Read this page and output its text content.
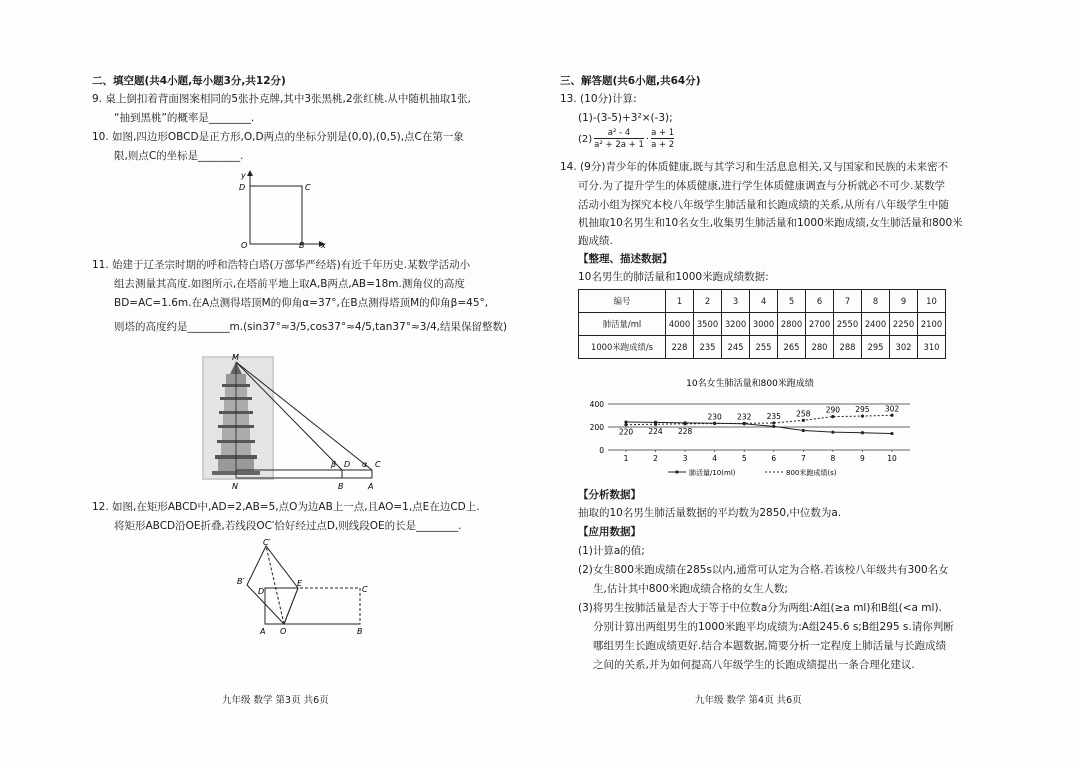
二、填空题(共4小题,每小题3分,共12分)
9. 桌上倒扣着背面图案相同的5张扑克牌,其中3张黑桃,2张红桃.从中随机抽取1张,
“抽到黑桃”的概率是________.
10. 如图,四边形OBCD是正方形,O,D两点的坐标分别是(0,0),(0,5),点C在第一象
限,则点C的坐标是________.
y
D	C
O	B x
11. 始建于辽圣宗时期的呼和浩特白塔(万部华严经塔)有近千年历史.某数学活动小
组去测量其高度.如图所示,在塔前平地上取A,B两点,AB=18m.测角仪的高度
BD=AC=1.6m.在A点测得塔顶M的仰角α=37°,在B点测得塔顶M的仰角β=45°,
则塔的高度约是________m.(sin37°≈3/5,cos37°≈4/5,tan37°≈3/4,结果保留整数)
M
N	B	A
β D α C
12. 如图,在矩形ABCD中,AD=2,AB=5,点O为边AB上一点,且AO=1,点E在边CD上.
将矩形ABCD沿OE折叠,若线段OC′恰好经过点D,则线段OE的长是________.
C′
B′
D
E
C
A O	B
九年级 数学 第3页 共6页
三、解答题(共6小题,共64分)
13. (10分)计算:
(1)-(3-5)+3²×(-3);
$(2) \frac{\text{a² - 4}}{\text{a² + 2a + 1}} \cdot \frac{a + 1}{a + 2}$
14. (9分)青少年的体质健康,既与其学习和生活息息相关,又与国家和民族的未来密不
可分.为了提升学生的体质健康,进行学生体质健康调查与分析就必不可少.某数学
活动小组为探究本校八年级学生肺活量和长跑成绩的关系,从所有八年级学生中随
机抽取10名男生和10名女生,收集男生肺活量和1000米跑成绩,女生肺活量和800米
跑成绩.
【整理、描述数据】
10名男生的肺活量和1000米跑成绩数据:
编号	1	2	3	4	5	6	7	8	9	10
肺活量/ml	4000	3500	3200	3000	2800	2700	2550	2400	2250	2100
1000米跑成绩/s	228	235	245	255	265	280	288	295	302	310
10名女生肺活量和800米跑成绩
0
200
400
1	2	3	4	5	6	7	8	9	10
220 224 228
230 232 235 258 290 295 302
肺活量/10(ml)	800米跑成绩(s)
【分析数据】
抽取的10名男生肺活量数据的平均数为2850,中位数为a.
【应用数据】
(1)计算a的值;
(2)女生800米跑成绩在285s以内,通常可认定为合格.若该校八年级共有300名女
生,估计其中800米跑成绩合格的女生人数;
(3)将男生按肺活量是否大于等于中位数a分为两组:A组(≥a ml)和B组(<a ml).
分别计算出两组男生的1000米跑平均成绩为:A组245.6 s;B组295 s.请你判断
哪组男生长跑成绩更好.结合本题数据,简要分析一定程度上肺活量与长跑成绩
之间的关系,并为如何提高八年级学生的长跑成绩提出一条合理化建议.
九年级 数学 第4页 共6页
